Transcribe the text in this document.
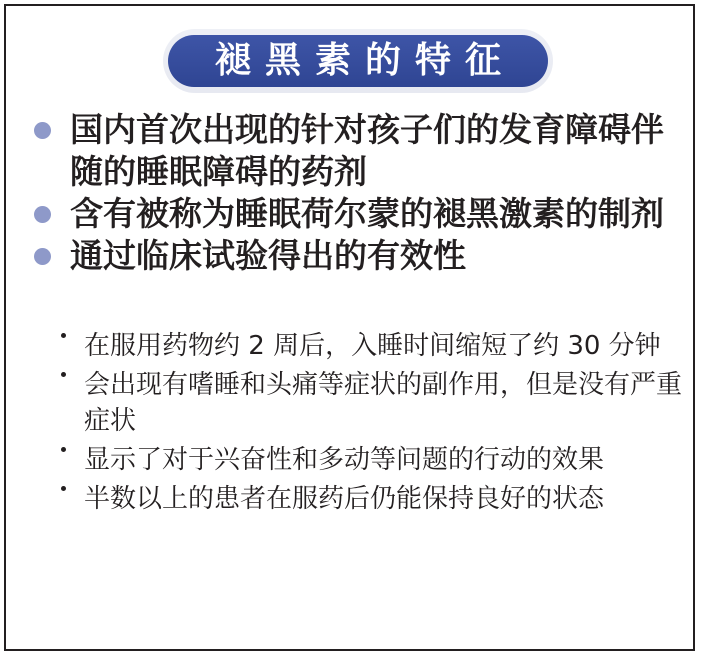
褪黑素的特征
国内首次出现的针对孩子们的发育障碍伴随的睡眠障碍的药剂
含有被称为睡眠荷尔蒙的褪黑激素的制剂
通过临床试验得出的有效性
在服用药物约 2 周后，入睡时间缩短了约 30 分钟
会出现有嗜睡和头痛等症状的副作用，但是没有严重症状
显示了对于兴奋性和多动等问题的行动的效果
半数以上的患者在服药后仍能保持良好的状态
